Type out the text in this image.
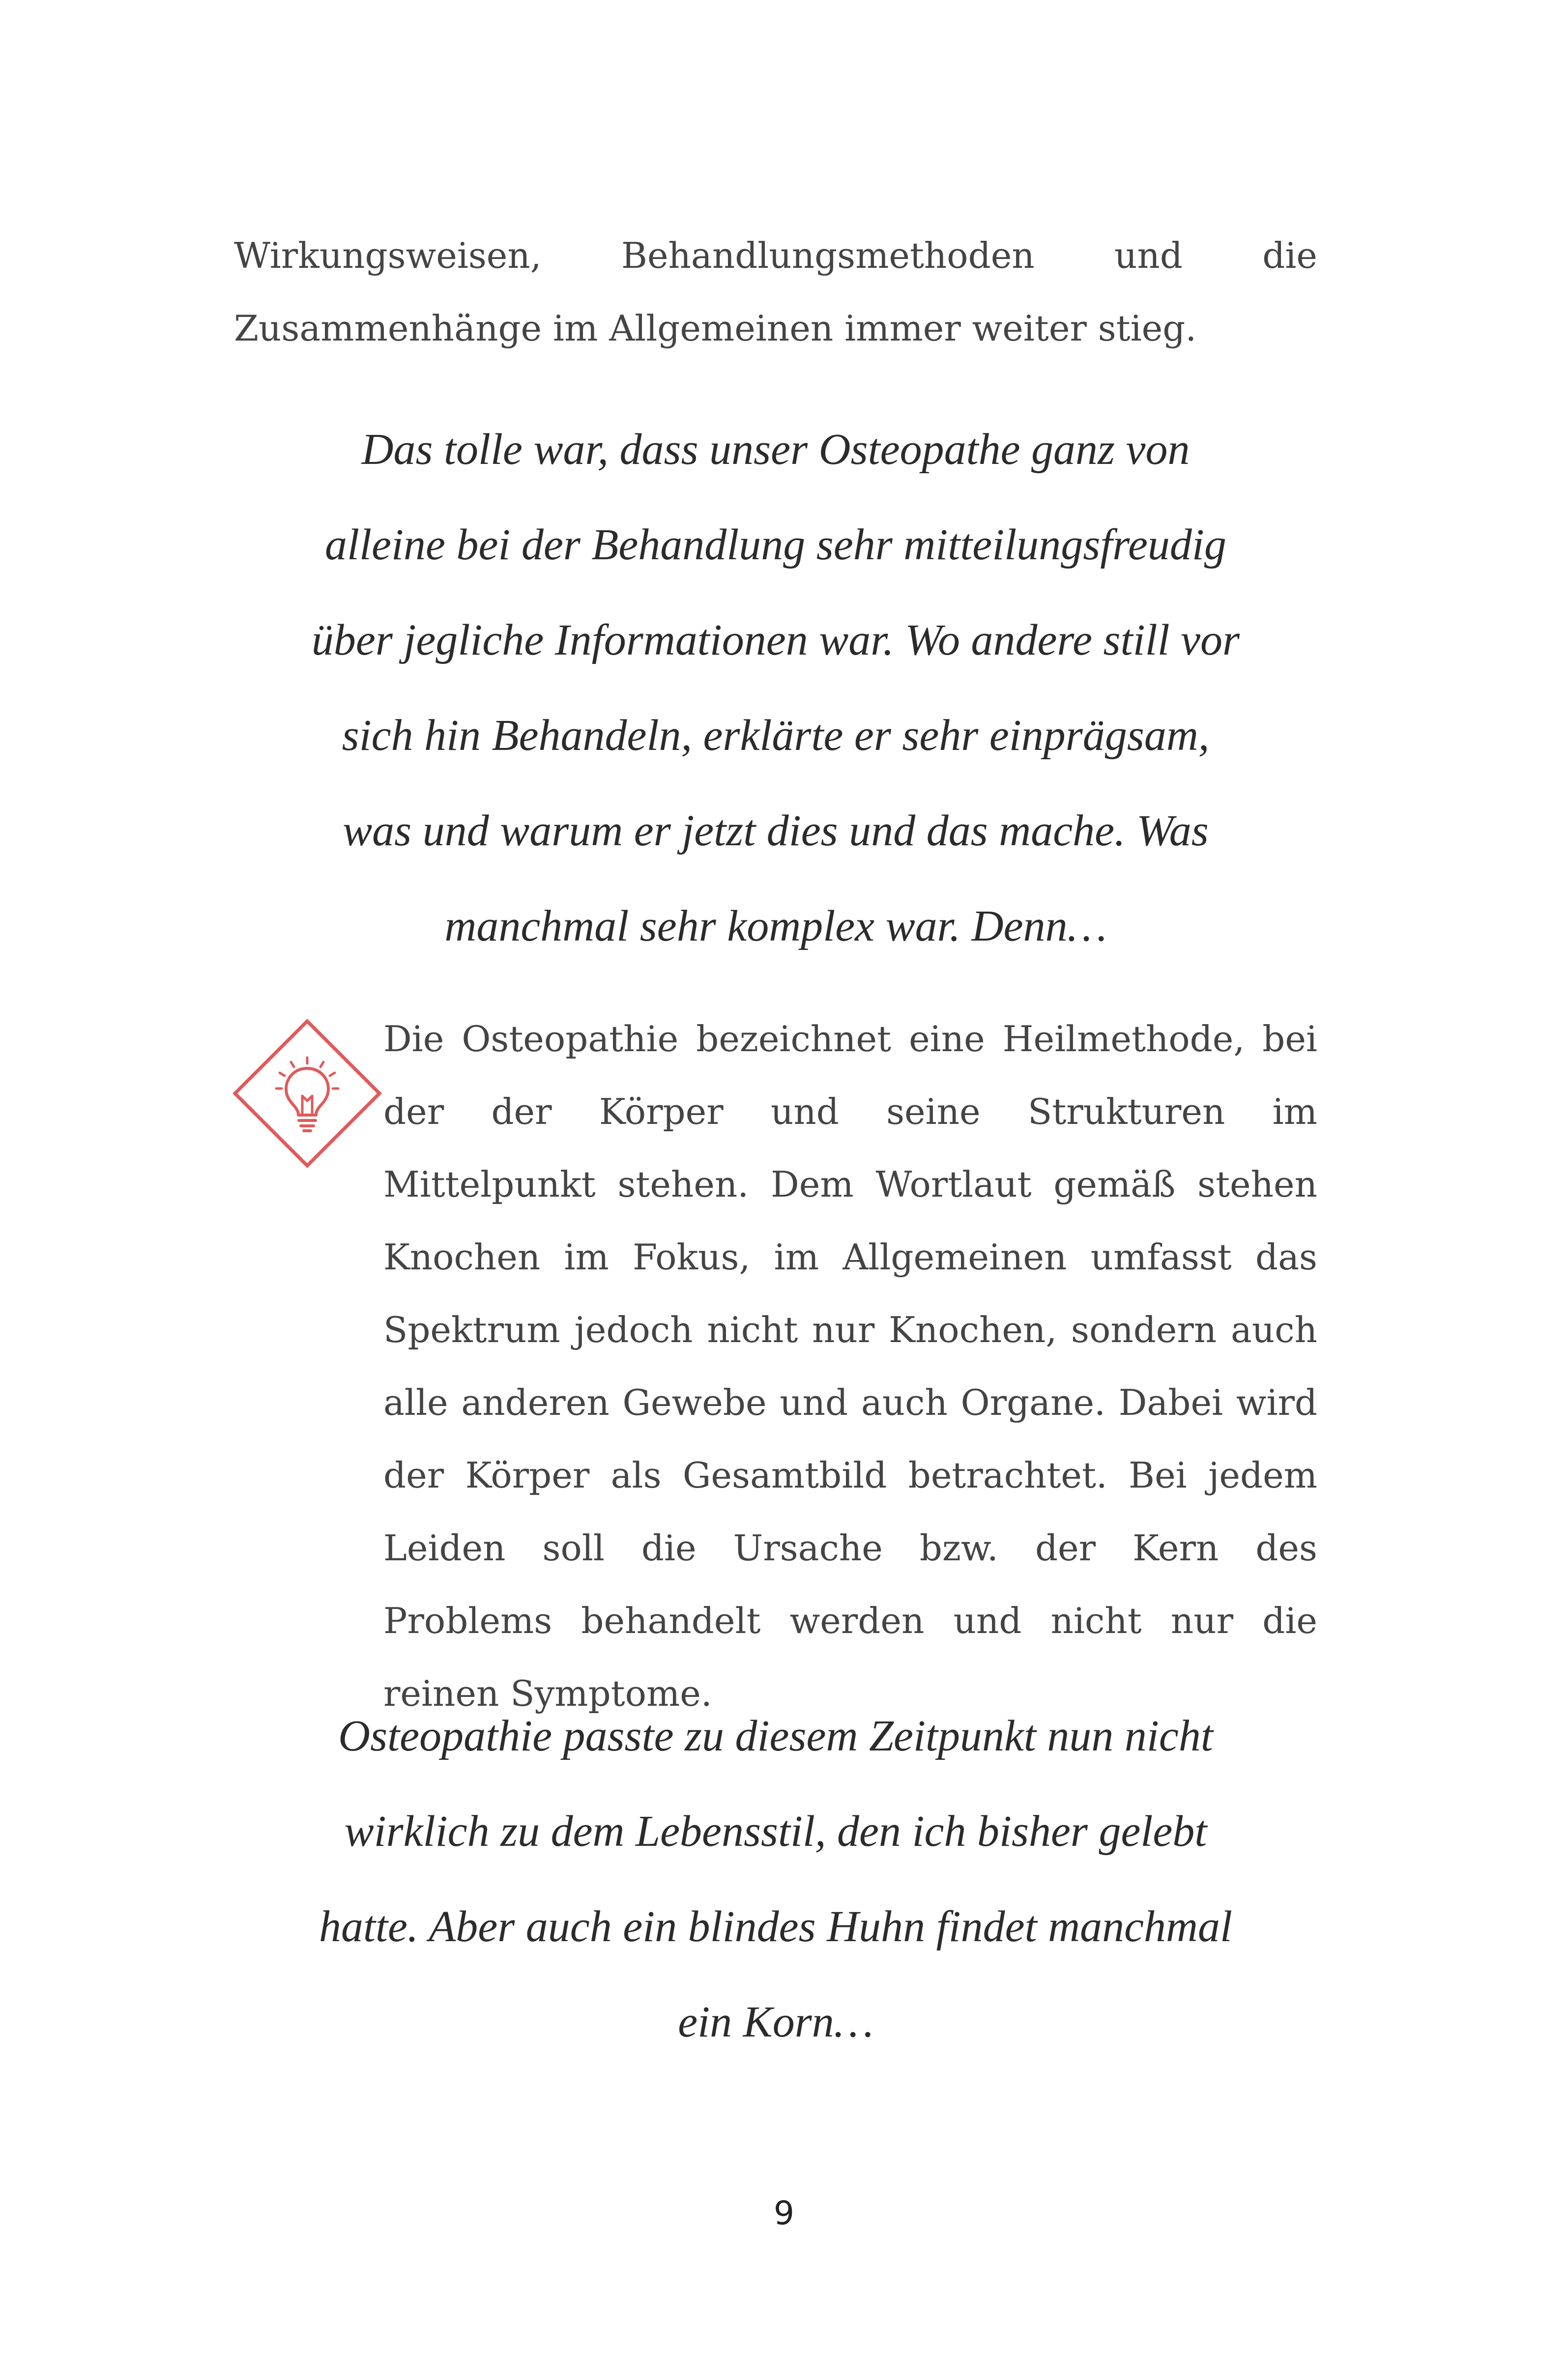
Wirkungsweisen, Behandlungsmethoden und die
Zusammenhänge im Allgemeinen immer weiter stieg.
Das tolle war, dass unser Osteopathe ganz von
alleine bei der Behandlung sehr mitteilungsfreudig
über jegliche Informationen war. Wo andere still vor
sich hin Behandeln, erklärte er sehr einprägsam,
was und warum er jetzt dies und das mache. Was
manchmal sehr komplex war. Denn…
Die Osteopathie bezeichnet eine Heilmethode, bei der der Körper und seine Strukturen im Mittelpunkt stehen. Dem Wortlaut gemäß stehen Knochen im Fokus, im Allgemeinen umfasst das Spektrum jedoch nicht nur Knochen, sondern auch alle anderen Gewebe und auch Organe. Dabei wird der Körper als Gesamtbild betrachtet. Bei jedem Leiden soll die Ursache bzw. der Kern des Problems behandelt werden und nicht nur die reinen Symptome.
Osteopathie passte zu diesem Zeitpunkt nun nicht
wirklich zu dem Lebensstil, den ich bisher gelebt
hatte. Aber auch ein blindes Huhn findet manchmal
ein Korn…
9
